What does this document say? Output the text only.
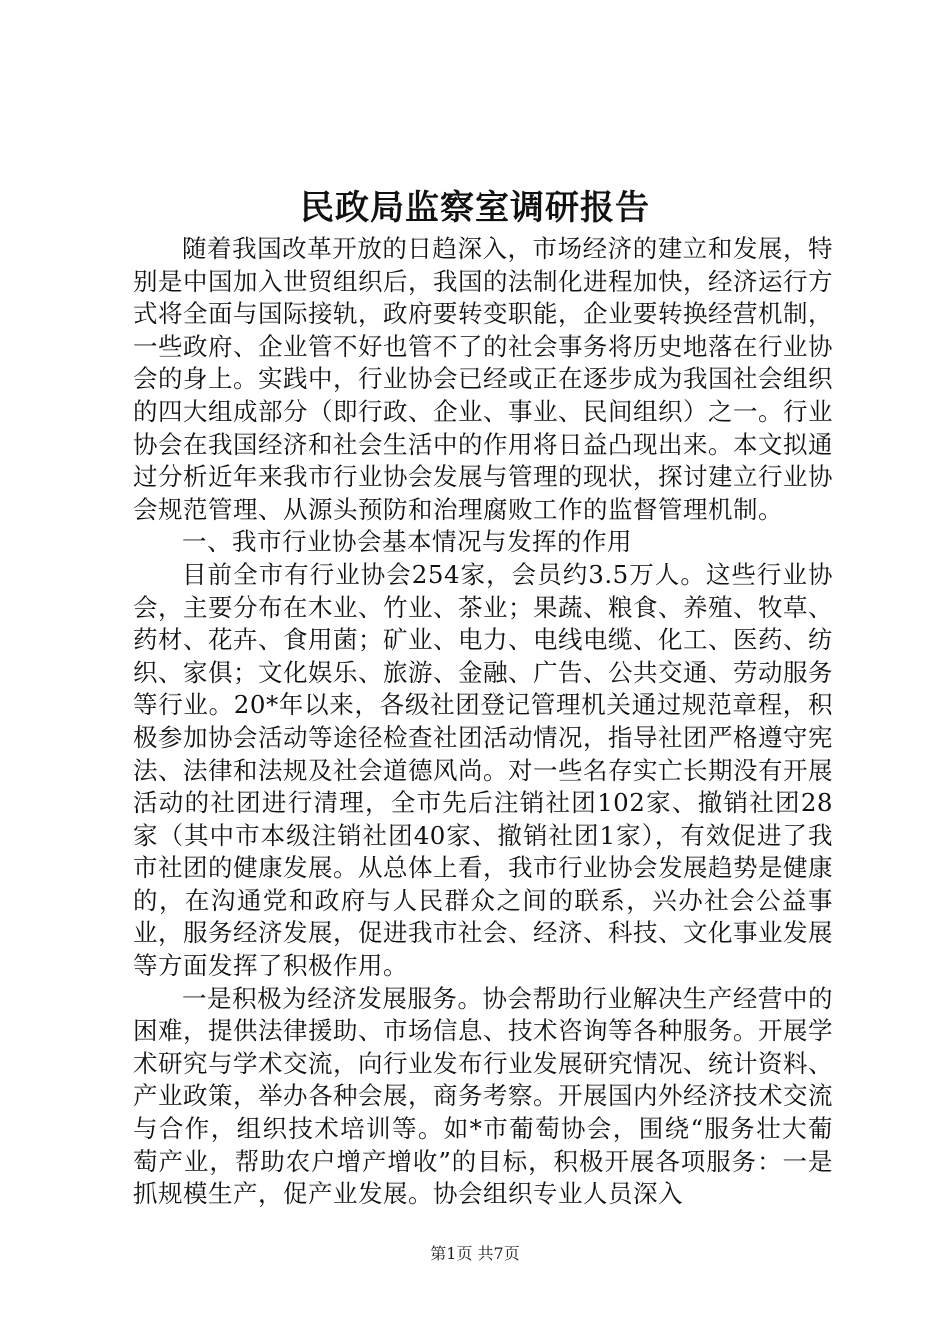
民政局监察室调研报告

随着我国改革开放的日趋深入，市场经济的建立和发展，特别是中国加入世贸组织后，我国的法制化进程加快，经济运行方式将全面与国际接轨，政府要转变职能，企业要转换经营机制，一些政府、企业管不好也管不了的社会事务将历史地落在行业协会的身上。实践中，行业协会已经或正在逐步成为我国社会组织的四大组成部分（即行政、企业、事业、民间组织）之一。行业协会在我国经济和社会生活中的作用将日益凸现出来。本文拟通过分析近年来我市行业协会发展与管理的现状，探讨建立行业协会规范管理、从源头预防和治理腐败工作的监督管理机制。

一、我市行业协会基本情况与发挥的作用

目前全市有行业协会254家，会员约3.5万人。这些行业协会，主要分布在木业、竹业、茶业；果蔬、粮食、养殖、牧草、药材、花卉、食用菌；矿业、电力、电线电缆、化工、医药、纺织、家俱；文化娱乐、旅游、金融、广告、公共交通、劳动服务等行业。20*年以来，各级社团登记管理机关通过规范章程，积极参加协会活动等途径检查社团活动情况，指导社团严格遵守宪法、法律和法规及社会道德风尚。对一些名存实亡长期没有开展活动的社团进行清理，全市先后注销社团102家、撤销社团28家（其中市本级注销社团40家、撤销社团1家），有效促进了我市社团的健康发展。从总体上看，我市行业协会发展趋势是健康的，在沟通党和政府与人民群众之间的联系，兴办社会公益事业，服务经济发展，促进我市社会、经济、科技、文化事业发展等方面发挥了积极作用。

一是积极为经济发展服务。协会帮助行业解决生产经营中的困难，提供法律援助、市场信息、技术咨询等各种服务。开展学术研究与学术交流，向行业发布行业发展研究情况、统计资料、产业政策，举办各种会展，商务考察。开展国内外经济技术交流与合作，组织技术培训等。如*市葡萄协会，围绕“服务壮大葡萄产业，帮助农户增产增收”的目标，积极开展各项服务：一是抓规模生产，促产业发展。协会组织专业人员深入

第1页 共7页
